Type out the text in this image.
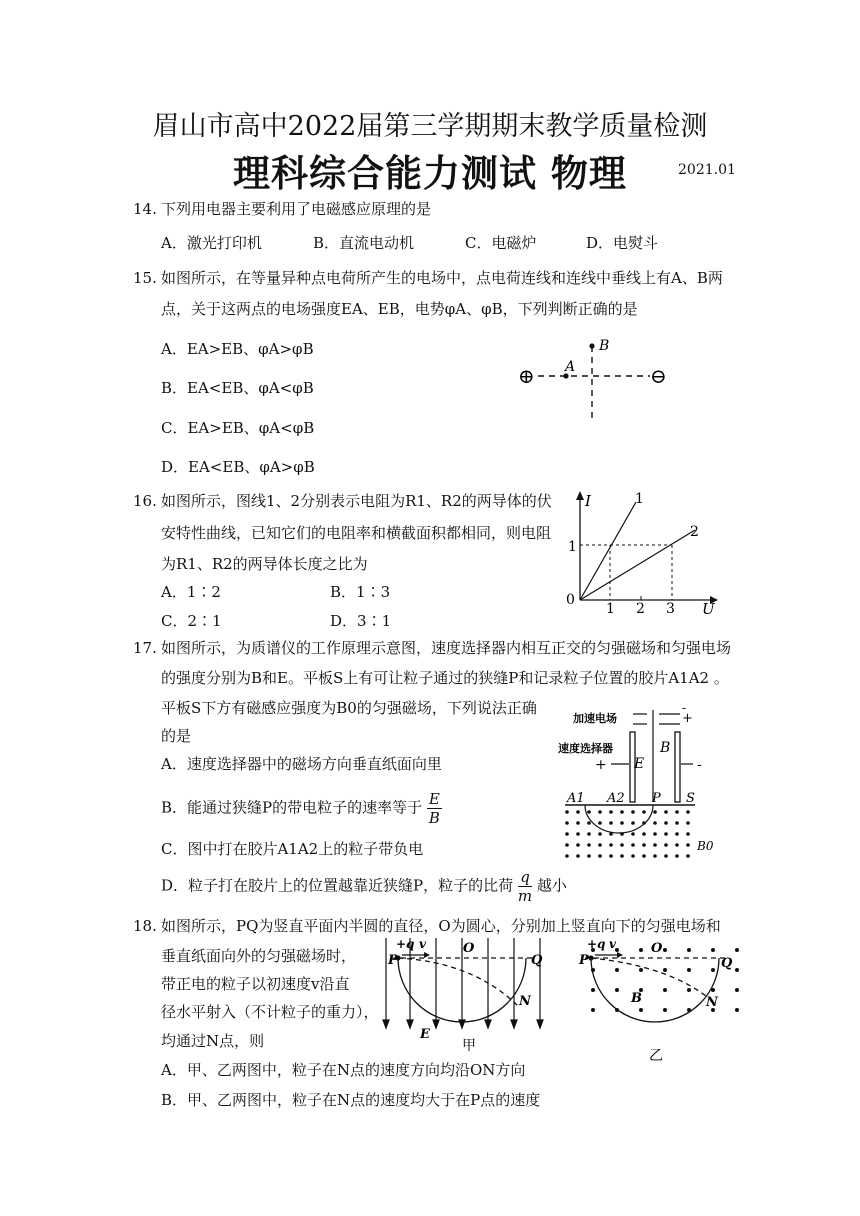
眉山市高中2022届第三学期期末教学质量检测
理科综合能力测试 物理	2021.01
14. 下列用电器主要利用了电磁感应原理的是
A．激光打印机	B．直流电动机	C．电磁炉	D．电熨斗
15. 如图所示，在等量异种点电荷所产生的电场中，点电荷连线和连线中垂线上有A、B两
点，关于这两点的电场强度EA、EB，电势φA、φB，下列判断正确的是
A．EA>EB、φA>φB
B．EA<EB、φA<φB
C．EA>EB、φA<φB
D．EA<EB、φA>φB
⊕	⊖
A
B
16. 如图所示，图线1、2分别表示电阻为R1、R2的两导体的伏
安特性曲线，已知它们的电阻率和横截面积都相同，则电阻
为R1、R2的两导体长度之比为
A．1∶2	B．1∶3
C．2∶1	D．3∶1
I
U
0
1
1 2 3
1
2
17. 如图所示，为质谱仪的工作原理示意图，速度选择器内相互正交的匀强磁场和匀强电场
的强度分别为B和E。平板S上有可让粒子通过的狭缝P和记录粒子位置的胶片A1A2 。
平板S下方有磁感应强度为B0的匀强磁场，下列说法正确
的是
A．速度选择器中的磁场方向垂直纸面向里
B．能通过狭缝P的带电粒子的速率等于 $\frac{E}{B}$
C．图中打在胶片A1A2上的粒子带负电
D．粒子打在胶片上的位置越靠近狭缝P，粒子的比荷 $\frac{q}{m}$ 越小
加速电场	+
-
速度选择器	B
E
+	-
A1 A2 P S
B0
18. 如图所示，PQ为竖直平面内半圆的直径，O为圆心，分别加上竖直向下的匀强电场和
垂直纸面向外的匀强磁场时，
带正电的粒子以初速度v沿直
径水平射入（不计粒子的重力），
均通过N点，则
A．甲、乙两图中，粒子在N点的速度方向均沿ON方向
B．甲、乙两图中，粒子在N点的速度均大于在P点的速度
+q v
P
O
Q
N
E
甲
+q v
P
O
Q
N
B
乙
